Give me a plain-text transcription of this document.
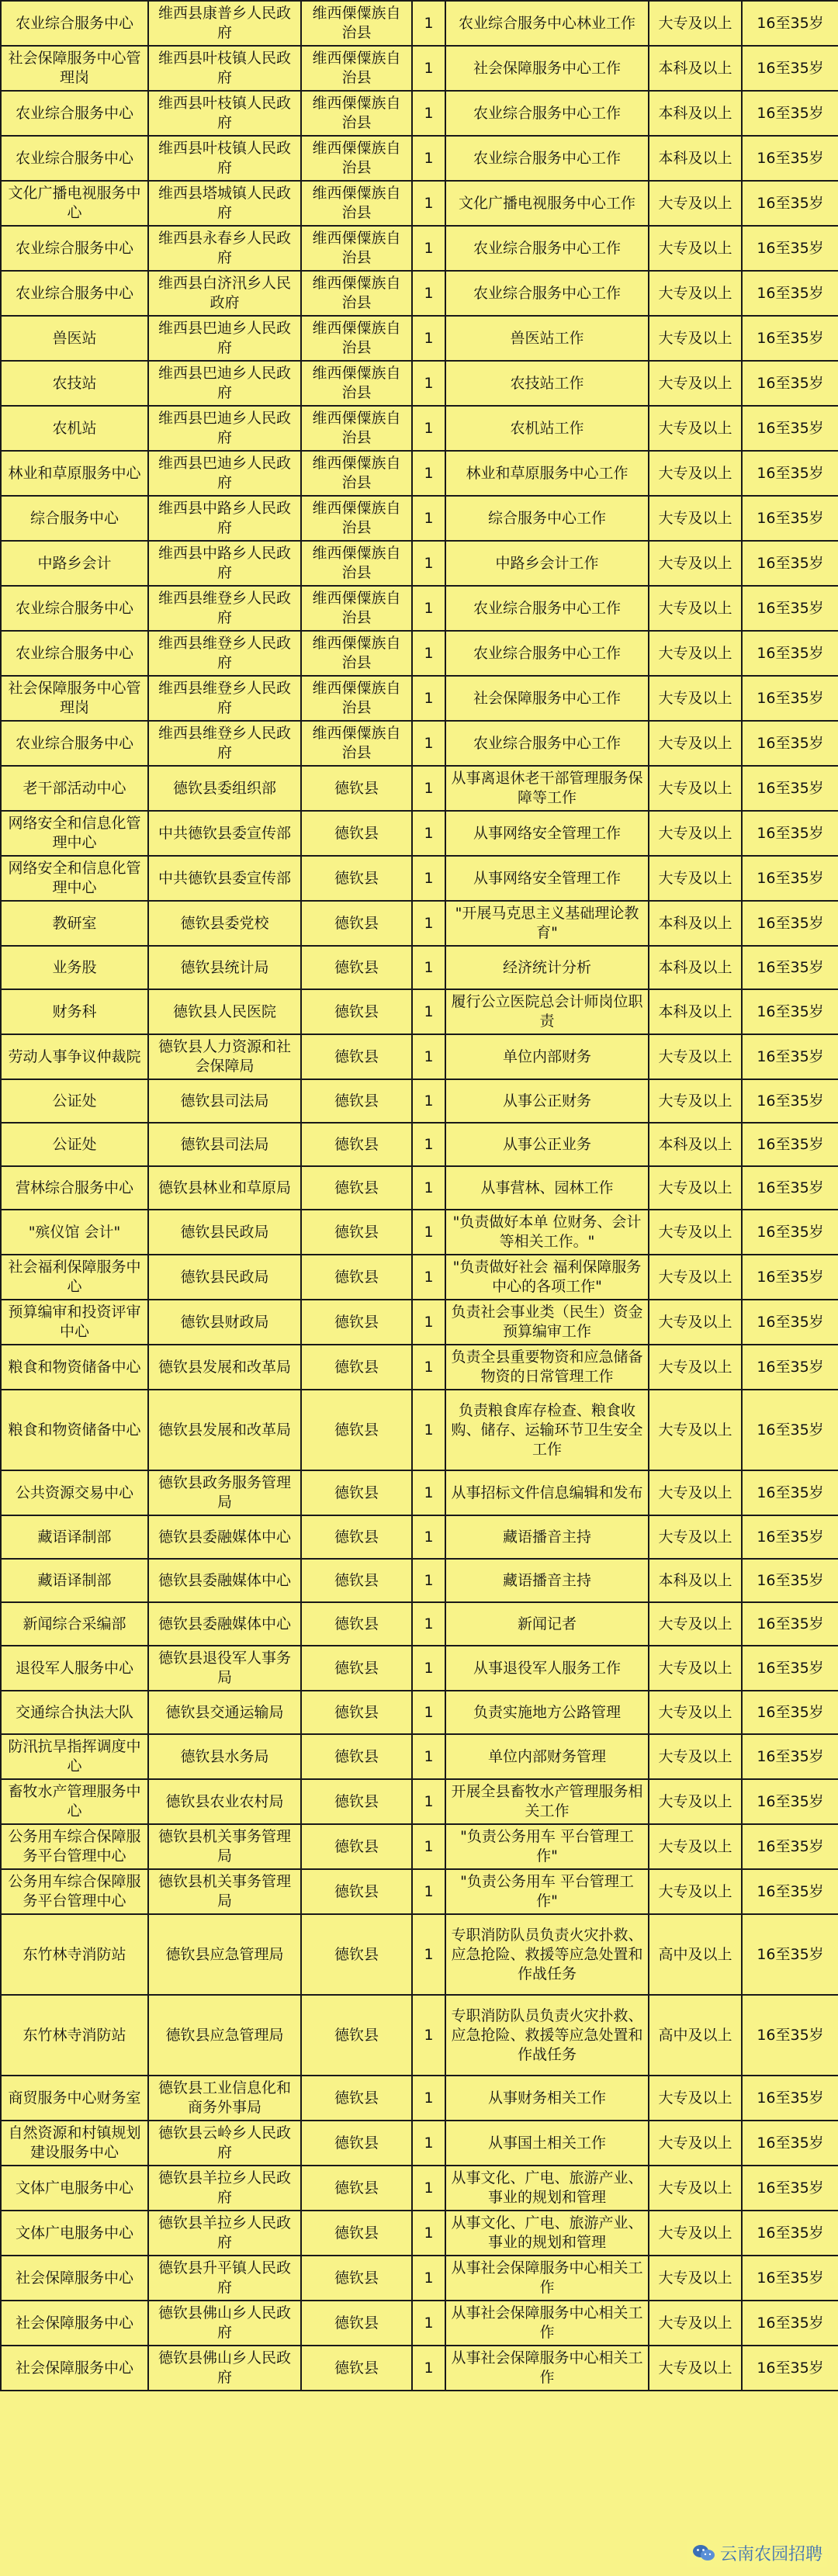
农业综合服务中心	维西县康普乡人民政府	维西傈僳族自治县	1	农业综合服务中心林业工作	大专及以上	16至35岁
社会保障服务中心管理岗	维西县叶枝镇人民政府	维西傈僳族自治县	1	社会保障服务中心工作	本科及以上	16至35岁
农业综合服务中心	维西县叶枝镇人民政府	维西傈僳族自治县	1	农业综合服务中心工作	本科及以上	16至35岁
农业综合服务中心	维西县叶枝镇人民政府	维西傈僳族自治县	1	农业综合服务中心工作	本科及以上	16至35岁
文化广播电视服务中心	维西县塔城镇人民政府	维西傈僳族自治县	1	文化广播电视服务中心工作	大专及以上	16至35岁
农业综合服务中心	维西县永春乡人民政府	维西傈僳族自治县	1	农业综合服务中心工作	大专及以上	16至35岁
农业综合服务中心	维西县白济汛乡人民政府	维西傈僳族自治县	1	农业综合服务中心工作	大专及以上	16至35岁
兽医站	维西县巴迪乡人民政府	维西傈僳族自治县	1	兽医站工作	大专及以上	16至35岁
农技站	维西县巴迪乡人民政府	维西傈僳族自治县	1	农技站工作	大专及以上	16至35岁
农机站	维西县巴迪乡人民政府	维西傈僳族自治县	1	农机站工作	大专及以上	16至35岁
林业和草原服务中心	维西县巴迪乡人民政府	维西傈僳族自治县	1	林业和草原服务中心工作	大专及以上	16至35岁
综合服务中心	维西县中路乡人民政府	维西傈僳族自治县	1	综合服务中心工作	大专及以上	16至35岁
中路乡会计	维西县中路乡人民政府	维西傈僳族自治县	1	中路乡会计工作	大专及以上	16至35岁
农业综合服务中心	维西县维登乡人民政府	维西傈僳族自治县	1	农业综合服务中心工作	大专及以上	16至35岁
农业综合服务中心	维西县维登乡人民政府	维西傈僳族自治县	1	农业综合服务中心工作	大专及以上	16至35岁
社会保障服务中心管理岗	维西县维登乡人民政府	维西傈僳族自治县	1	社会保障服务中心工作	大专及以上	16至35岁
农业综合服务中心	维西县维登乡人民政府	维西傈僳族自治县	1	农业综合服务中心工作	大专及以上	16至35岁
老干部活动中心	德钦县委组织部	德钦县	1	从事离退休老干部管理服务保障等工作	大专及以上	16至35岁
网络安全和信息化管理中心	中共德钦县委宣传部	德钦县	1	从事网络安全管理工作	大专及以上	16至35岁
网络安全和信息化管理中心	中共德钦县委宣传部	德钦县	1	从事网络安全管理工作	大专及以上	16至35岁
教研室	德钦县委党校	德钦县	1	"开展马克思主义基础理论教育"	本科及以上	16至35岁
业务股	德钦县统计局	德钦县	1	经济统计分析	本科及以上	16至35岁
财务科	德钦县人民医院	德钦县	1	履行公立医院总会计师岗位职责	本科及以上	16至35岁
劳动人事争议仲裁院	德钦县人力资源和社会保障局	德钦县	1	单位内部财务	大专及以上	16至35岁
公证处	德钦县司法局	德钦县	1	从事公正财务	大专及以上	16至35岁
公证处	德钦县司法局	德钦县	1	从事公正业务	本科及以上	16至35岁
营林综合服务中心	德钦县林业和草原局	德钦县	1	从事营林、园林工作	大专及以上	16至35岁
"殡仪馆 会计"	德钦县民政局	德钦县	1	"负责做好本单 位财务、会计等相关工作。"	大专及以上	16至35岁
社会福利保障服务中心	德钦县民政局	德钦县	1	"负责做好社会 福利保障服务中心的各项工作"	大专及以上	16至35岁
预算编审和投资评审中心	德钦县财政局	德钦县	1	负责社会事业类（民生）资金预算编审工作	大专及以上	16至35岁
粮食和物资储备中心	德钦县发展和改革局	德钦县	1	负责全县重要物资和应急储备物资的日常管理工作	大专及以上	16至35岁
粮食和物资储备中心	德钦县发展和改革局	德钦县	1	负责粮食库存检查、粮食收购、储存、运输环节卫生安全工作	大专及以上	16至35岁
公共资源交易中心	德钦县政务服务管理局	德钦县	1	从事招标文件信息编辑和发布	大专及以上	16至35岁
藏语译制部	德钦县委融媒体中心	德钦县	1	藏语播音主持	大专及以上	16至35岁
藏语译制部	德钦县委融媒体中心	德钦县	1	藏语播音主持	本科及以上	16至35岁
新闻综合采编部	德钦县委融媒体中心	德钦县	1	新闻记者	大专及以上	16至35岁
退役军人服务中心	德钦县退役军人事务局	德钦县	1	从事退役军人服务工作	大专及以上	16至35岁
交通综合执法大队	德钦县交通运输局	德钦县	1	负责实施地方公路管理	大专及以上	16至35岁
防汛抗旱指挥调度中心	德钦县水务局	德钦县	1	单位内部财务管理	大专及以上	16至35岁
畜牧水产管理服务中心	德钦县农业农村局	德钦县	1	开展全县畜牧水产管理服务相关工作	大专及以上	16至35岁
公务用车综合保障服务平台管理中心	德钦县机关事务管理局	德钦县	1	"负责公务用车 平台管理工作"	大专及以上	16至35岁
公务用车综合保障服务平台管理中心	德钦县机关事务管理局	德钦县	1	"负责公务用车 平台管理工作"	大专及以上	16至35岁
东竹林寺消防站	德钦县应急管理局	德钦县	1	专职消防队员负责火灾扑救、应急抢险、救援等应急处置和作战任务	高中及以上	16至35岁
东竹林寺消防站	德钦县应急管理局	德钦县	1	专职消防队员负责火灾扑救、应急抢险、救援等应急处置和作战任务	高中及以上	16至35岁
商贸服务中心财务室	德钦县工业信息化和商务外事局	德钦县	1	从事财务相关工作	大专及以上	16至35岁
自然资源和村镇规划建设服务中心	德钦县云岭乡人民政府	德钦县	1	从事国土相关工作	大专及以上	16至35岁
文体广电服务中心	德钦县羊拉乡人民政府	德钦县	1	从事文化、广电、旅游产业、事业的规划和管理	大专及以上	16至35岁
文体广电服务中心	德钦县羊拉乡人民政府	德钦县	1	从事文化、广电、旅游产业、事业的规划和管理	大专及以上	16至35岁
社会保障服务中心	德钦县升平镇人民政府	德钦县	1	从事社会保障服务中心相关工作	大专及以上	16至35岁
社会保障服务中心	德钦县佛山乡人民政府	德钦县	1	从事社会保障服务中心相关工作	大专及以上	16至35岁
社会保障服务中心	德钦县佛山乡人民政府	德钦县	1	从事社会保障服务中心相关工作	大专及以上	16至35岁
云南农园招聘
